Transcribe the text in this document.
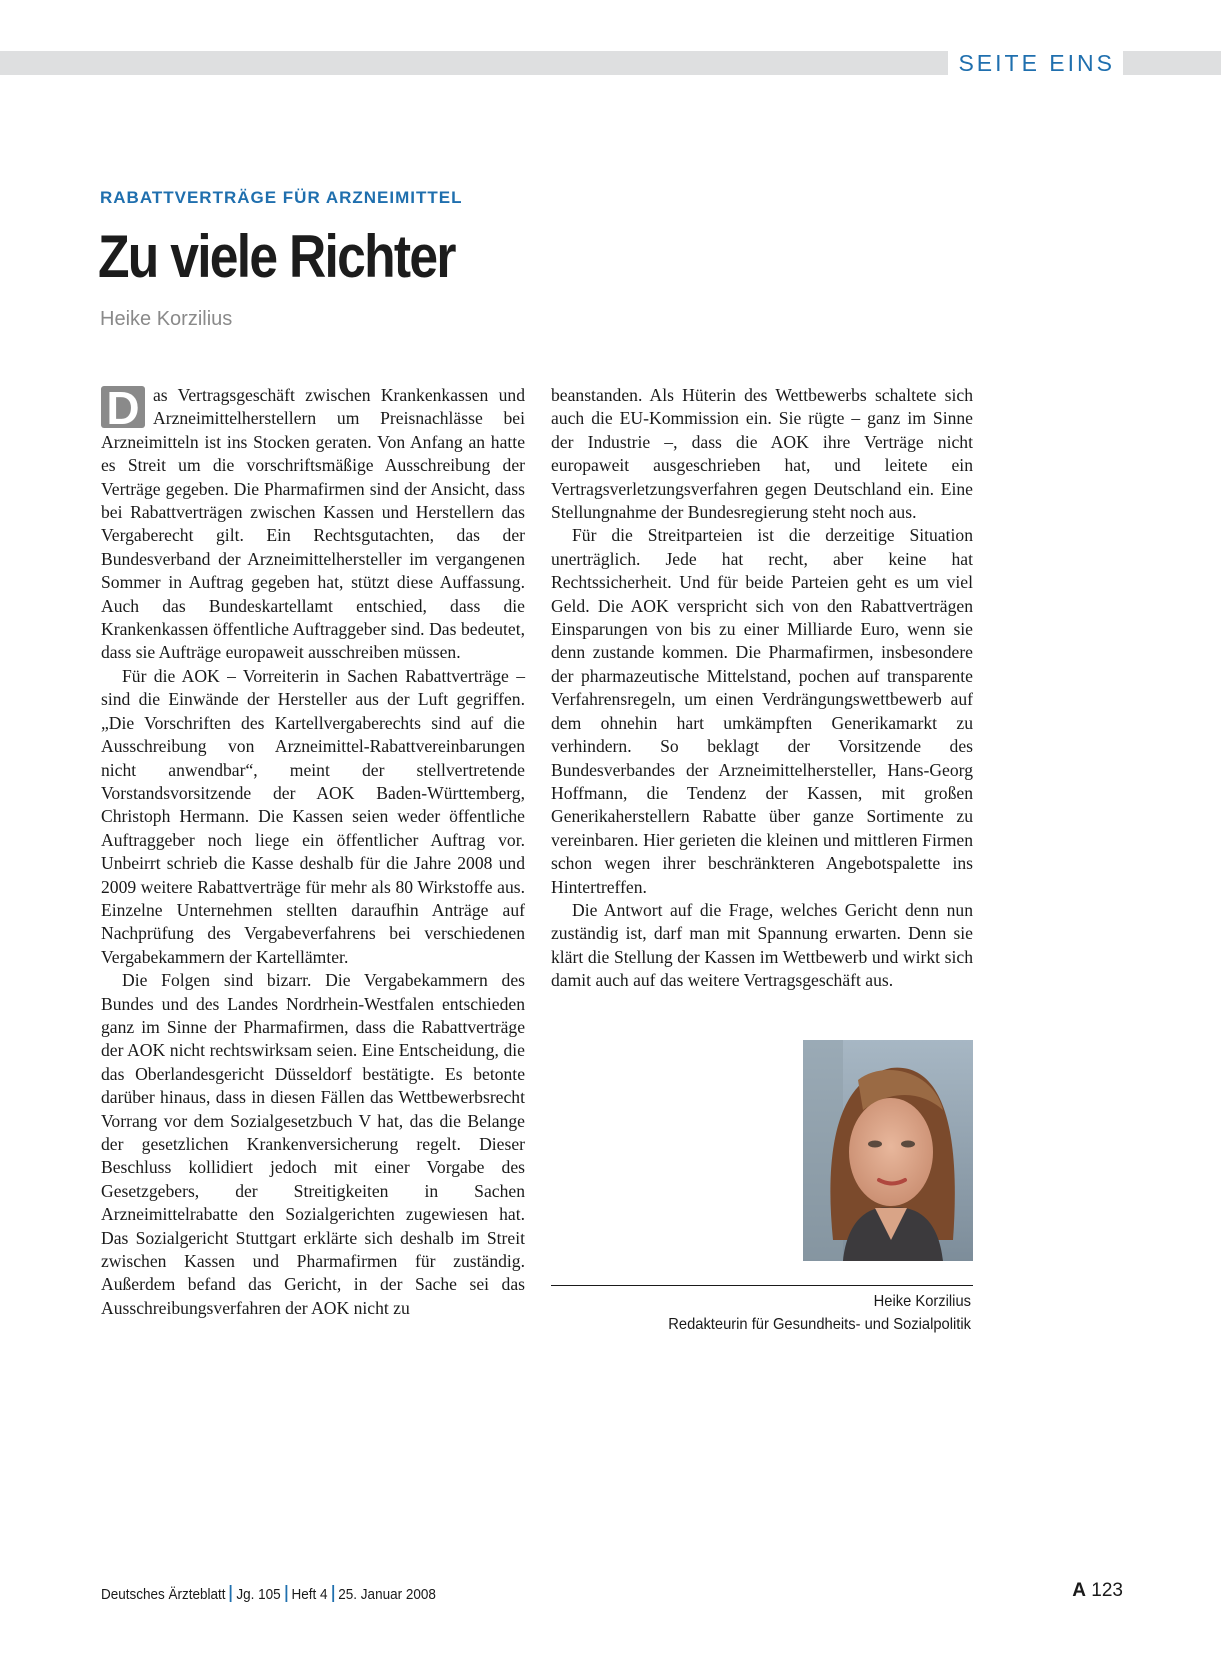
SEITE EINS
RABATTVERTRÄGE FÜR ARZNEIMITTEL
Zu viele Richter
Heike Korzilius

D as Vertragsgeschäft zwischen Krankenkassen und Arzneimittelherstellern um Preisnachlässe bei Arzneimitteln ist ins Stocken geraten. Von Anfang an hatte es Streit um die vorschriftsmäßige Ausschreibung der Verträge gegeben. Die Pharmafirmen sind der Ansicht, dass bei Rabattverträgen zwischen Kassen und Herstellern das Vergaberecht gilt. Ein Rechtsgutachten, das der Bundesverband der Arzneimittelhersteller im vergangenen Sommer in Auftrag gegeben hat, stützt diese Auffassung. Auch das Bundeskartellamt entschied, dass die Krankenkassen öffentliche Auftraggeber sind. Das bedeutet, dass sie Aufträge europaweit ausschreiben müssen.

Für die AOK – Vorreiterin in Sachen Rabattverträge – sind die Einwände der Hersteller aus der Luft gegriffen. „Die Vorschriften des Kartellvergaberechts sind auf die Ausschreibung von Arzneimittel-Rabattvereinbarungen nicht anwendbar“, meint der stellvertretende Vorstandsvorsitzende der AOK Baden-Württemberg, Christoph Hermann. Die Kassen seien weder öffentliche Auftraggeber noch liege ein öffentlicher Auftrag vor. Unbeirrt schrieb die Kasse deshalb für die Jahre 2008 und 2009 weitere Rabattverträge für mehr als 80 Wirkstoffe aus. Einzelne Unternehmen stellten daraufhin Anträge auf Nachprüfung des Vergabeverfahrens bei verschiedenen Vergabekammern der Kartellämter.

Die Folgen sind bizarr. Die Vergabekammern des Bundes und des Landes Nordrhein-Westfalen entschieden ganz im Sinne der Pharmafirmen, dass die Rabattverträge der AOK nicht rechtswirksam seien. Eine Entscheidung, die das Oberlandesgericht Düsseldorf bestätigte. Es betonte darüber hinaus, dass in diesen Fällen das Wettbewerbsrecht Vorrang vor dem Sozialgesetzbuch V hat, das die Belange der gesetzlichen Krankenversicherung regelt. Dieser Beschluss kollidiert jedoch mit einer Vorgabe des Gesetzgebers, der Streitigkeiten in Sachen Arzneimittelrabatte den Sozialgerichten zugewiesen hat. Das Sozialgericht Stuttgart erklärte sich deshalb im Streit zwischen Kassen und Pharmafirmen für zuständig. Außerdem befand das Gericht, in der Sache sei das Ausschreibungsverfahren der AOK nicht zu

beanstanden. Als Hüterin des Wettbewerbs schaltete sich auch die EU-Kommission ein. Sie rügte – ganz im Sinne der Industrie –, dass die AOK ihre Verträge nicht europaweit ausgeschrieben hat, und leitete ein Vertragsverletzungsverfahren gegen Deutschland ein. Eine Stellungnahme der Bundesregierung steht noch aus.

Für die Streitparteien ist die derzeitige Situation unerträglich. Jede hat recht, aber keine hat Rechtssicherheit. Und für beide Parteien geht es um viel Geld. Die AOK verspricht sich von den Rabattverträgen Einsparungen von bis zu einer Milliarde Euro, wenn sie denn zustande kommen. Die Pharmafirmen, insbesondere der pharmazeutische Mittelstand, pochen auf transparente Verfahrensregeln, um einen Verdrängungswettbewerb auf dem ohnehin hart umkämpften Generikamarkt zu verhindern. So beklagt der Vorsitzende des Bundesverbandes der Arzneimittelhersteller, Hans-Georg Hoffmann, die Tendenz der Kassen, mit großen Generikaherstellern Rabatte über ganze Sortimente zu vereinbaren. Hier gerieten die kleinen und mittleren Firmen schon wegen ihrer beschränkteren Angebotspalette ins Hintertreffen.

Die Antwort auf die Frage, welches Gericht denn nun zuständig ist, darf man mit Spannung erwarten. Denn sie klärt die Stellung der Kassen im Wettbewerb und wirkt sich damit auch auf das weitere Vertragsgeschäft aus.

Heike Korzilius
Redakteurin für Gesundheits- und Sozialpolitik
Deutsches Ärzteblatt Jg. 105 Heft 4 25. Januar 2008	A 123
